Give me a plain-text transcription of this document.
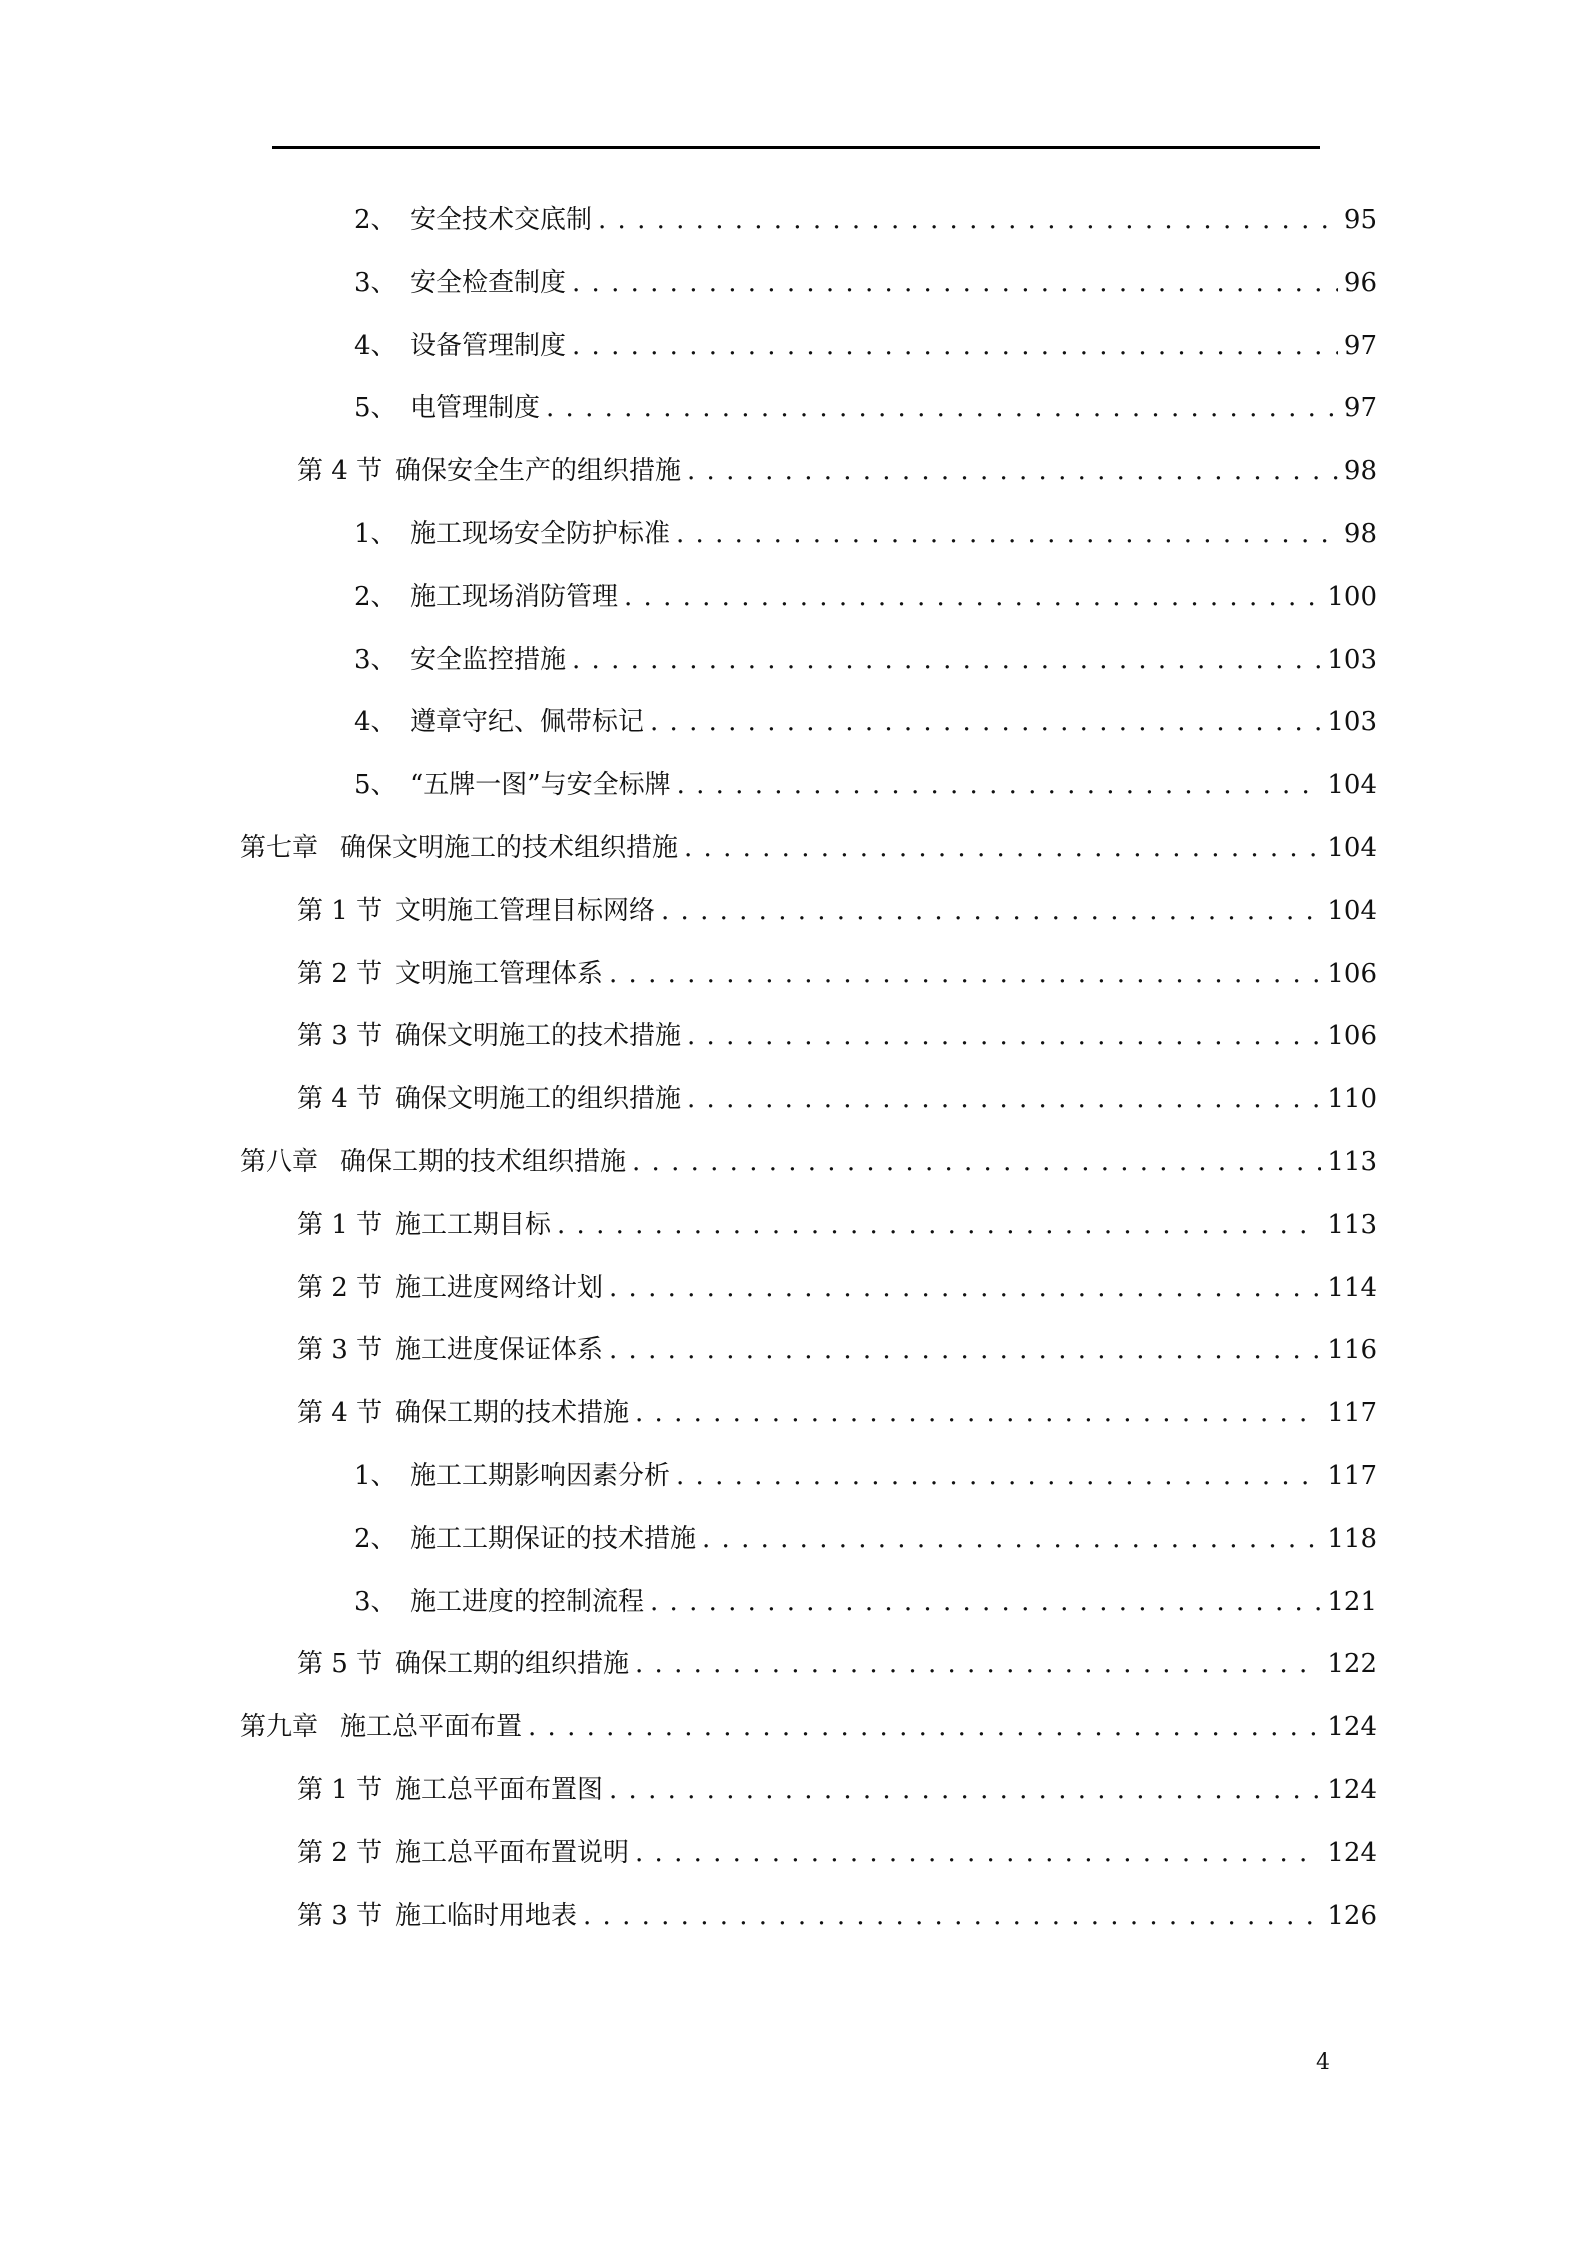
2、 安全技术交底制 . . .	95
3、 安全检查制度 . . .	96
4、 设备管理制度 . . .	97
5、 电管理制度 . . .	97
第 4 节 确保安全生产的组织措施 . . .	98
1、 施工现场安全防护标准 . . .	98
2、 施工现场消防管理 . . .	100
3、 安全监控措施 . . .	103
4、 遵章守纪、佩带标记 . . .	103
5、 “五牌一图”与安全标牌 . . .	104
第七章 确保文明施工的技术组织措施 . . .	104
第 1 节 文明施工管理目标网络 . . .	104
第 2 节 文明施工管理体系 . . .	106
第 3 节 确保文明施工的技术措施 . . .	106
第 4 节 确保文明施工的组织措施 . . .	110
第八章 确保工期的技术组织措施 . . .	113
第 1 节 施工工期目标 . . .	113
第 2 节 施工进度网络计划 . . .	114
第 3 节 施工进度保证体系 . . .	116
第 4 节 确保工期的技术措施 . . .	117
1、 施工工期影响因素分析 . . .	117
2、 施工工期保证的技术措施 . . .	118
3、 施工进度的控制流程 . . .	121
第 5 节 确保工期的组织措施 . . .	122
第九章 施工总平面布置 . . .	124
第 1 节 施工总平面布置图 . . .	124
第 2 节 施工总平面布置说明 . . .	124
第 3 节 施工临时用地表 . . .	126
4
